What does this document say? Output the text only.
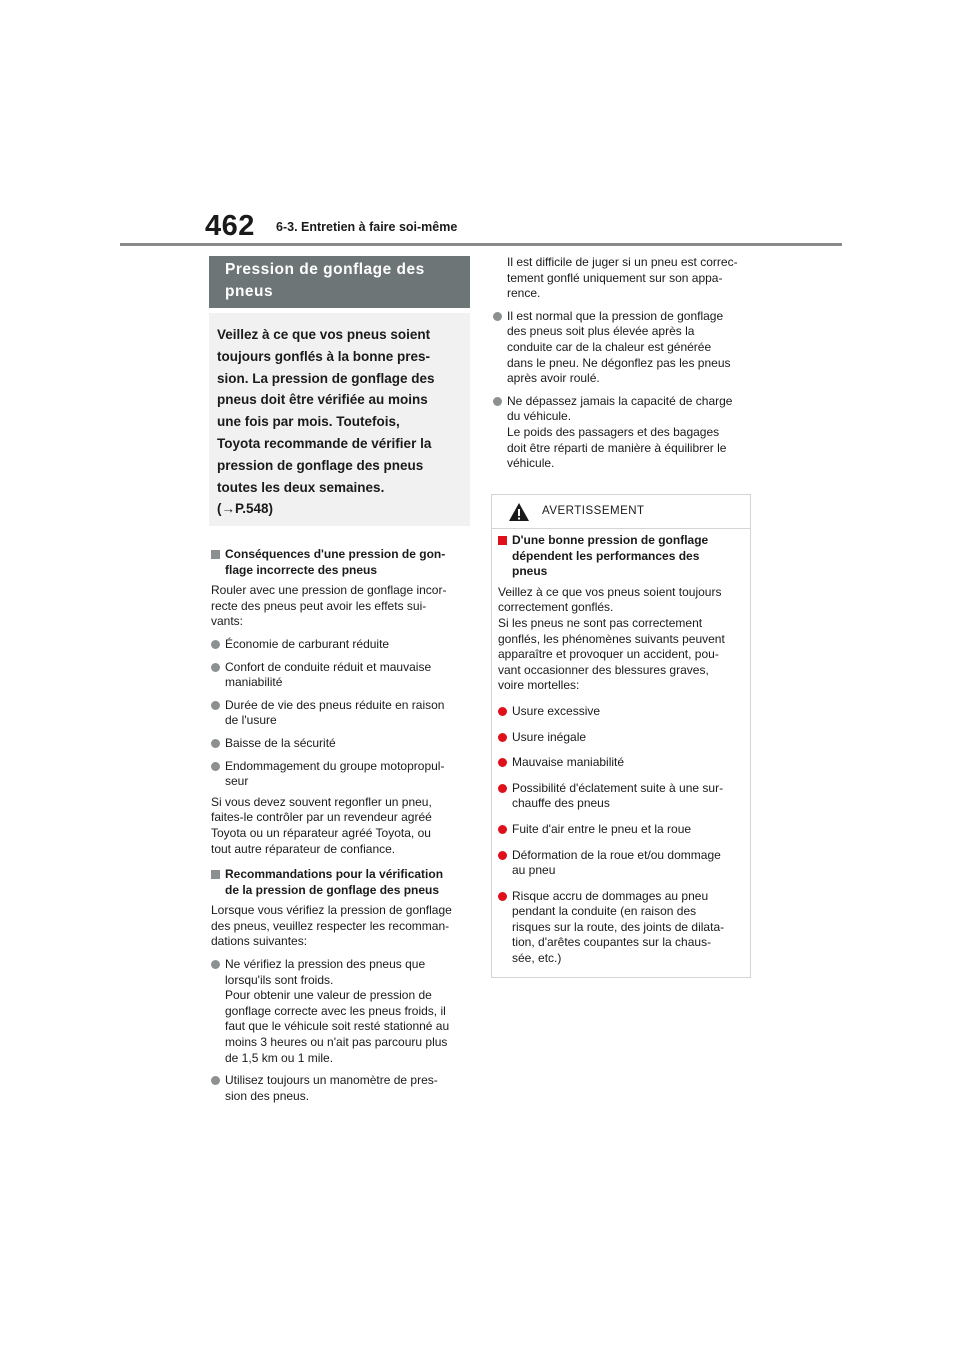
462 6-3. Entretien à faire soi-même
Pression de gonflage des
pneus
Veillez à ce que vos pneus soient
toujours gonflés à la bonne pres-
sion. La pression de gonflage des
pneus doit être vérifiée au moins
une fois par mois. Toutefois,
Toyota recommande de vérifier la
pression de gonflage des pneus
toutes les deux semaines.
(→P.548)

Conséquences d'une pression de gon-

flage incorrecte des pneus

Rouler avec une pression de gonflage incor-

recte des pneus peut avoir les effets sui-

vants:

Économie de carburant réduite

Confort de conduite réduit et mauvaise

maniabilité

Durée de vie des pneus réduite en raison

de l'usure

Baisse de la sécurité

Endommagement du groupe motopropul-

seur

Si vous devez souvent regonfler un pneu,

faites-le contrôler par un revendeur agréé

Toyota ou un réparateur agréé Toyota, ou

tout autre réparateur de confiance.

Recommandations pour la vérification

de la pression de gonflage des pneus

Lorsque vous vérifiez la pression de gonflage

des pneus, veuillez respecter les recomman-

dations suivantes:

Ne vérifiez la pression des pneus que

lorsqu'ils sont froids.

Pour obtenir une valeur de pression de

gonflage correcte avec les pneus froids, il

faut que le véhicule soit resté stationné au

moins 3 heures ou n'ait pas parcouru plus

de 1,5 km ou 1 mile.

Utilisez toujours un manomètre de pres-

sion des pneus.

Il est difficile de juger si un pneu est correc-

tement gonflé uniquement sur son appa-

rence.

Il est normal que la pression de gonflage

des pneus soit plus élevée après la

conduite car de la chaleur est générée

dans le pneu. Ne dégonflez pas les pneus

après avoir roulé.

Ne dépassez jamais la capacité de charge

du véhicule.

Le poids des passagers et des bagages

doit être réparti de manière à équilibrer le

véhicule.

AVERTISSEMENT

D'une bonne pression de gonflage

dépendent les performances des

pneus

Veillez à ce que vos pneus soient toujours

correctement gonflés.

Si les pneus ne sont pas correctement

gonflés, les phénomènes suivants peuvent

apparaître et provoquer un accident, pou-

vant occasionner des blessures graves,

voire mortelles:

Usure excessive

Usure inégale

Mauvaise maniabilité

Possibilité d'éclatement suite à une sur-

chauffe des pneus

Fuite d'air entre le pneu et la roue

Déformation de la roue et/ou dommage

au pneu

Risque accru de dommages au pneu

pendant la conduite (en raison des

risques sur la route, des joints de dilata-

tion, d'arêtes coupantes sur la chaus-

sée, etc.)
